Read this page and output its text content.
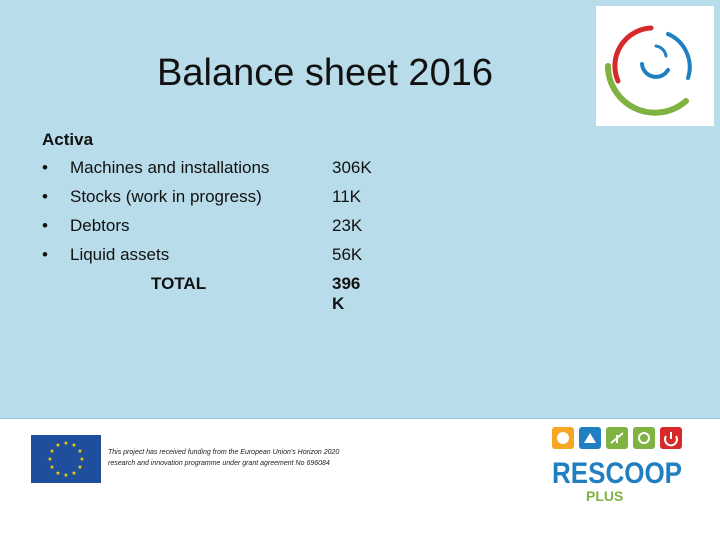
Balance sheet 2016
Activa
• Machines and installations	306K
• Stocks (work in progress)	11K
• Debtors	23K
• Liquid assets	56K
TOTAL	396 K
★ ★
★
★
★
★
★
★
★
★
★
★
This project has received funding from the European Union's Horizon 2020 research and innovation programme under grant agreement No 696084	RESCOOP
PLUS
